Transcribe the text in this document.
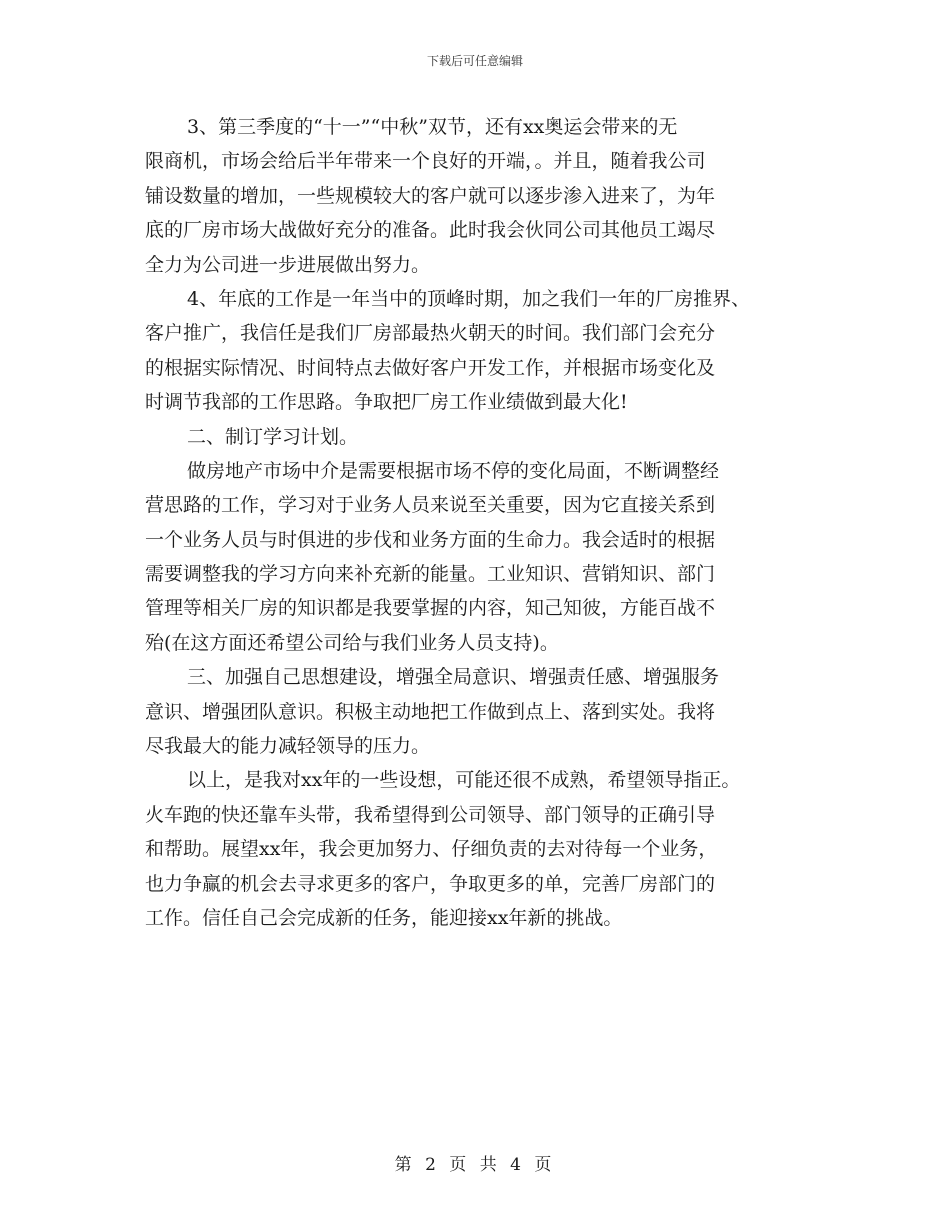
下载后可任意编辑
3、第三季度的“十一”“中秋”双节，还有xx奥运会带来的无
限商机，市场会给后半年带来一个良好的开端，。并且，随着我公司
铺设数量的增加，一些规模较大的客户就可以逐步渗入进来了，为年
底的厂房市场大战做好充分的准备。此时我会伙同公司其他员工竭尽
全力为公司进一步进展做出努力。
4、年底的工作是一年当中的顶峰时期，加之我们一年的厂房推界、
客户推广，我信任是我们厂房部最热火朝天的时间。我们部门会充分
的根据实际情况、时间特点去做好客户开发工作，并根据市场变化及
时调节我部的工作思路。争取把厂房工作业绩做到最大化!
二、制订学习计划。
做房地产市场中介是需要根据市场不停的变化局面，不断调整经
营思路的工作，学习对于业务人员来说至关重要，因为它直接关系到
一个业务人员与时俱进的步伐和业务方面的生命力。我会适时的根据
需要调整我的学习方向来补充新的能量。工业知识、营销知识、部门
管理等相关厂房的知识都是我要掌握的内容，知己知彼，方能百战不
殆(在这方面还希望公司给与我们业务人员支持)。
三、加强自己思想建设，增强全局意识、增强责任感、增强服务
意识、增强团队意识。积极主动地把工作做到点上、落到实处。我将
尽我最大的能力减轻领导的压力。
以上，是我对xx年的一些设想，可能还很不成熟，希望领导指正。
火车跑的快还靠车头带，我希望得到公司领导、部门领导的正确引导
和帮助。展望xx年，我会更加努力、仔细负责的去对待每一个业务，
也力争赢的机会去寻求更多的客户，争取更多的单，完善厂房部门的
工作。信任自己会完成新的任务，能迎接xx年新的挑战。
第 2 页 共 4 页
